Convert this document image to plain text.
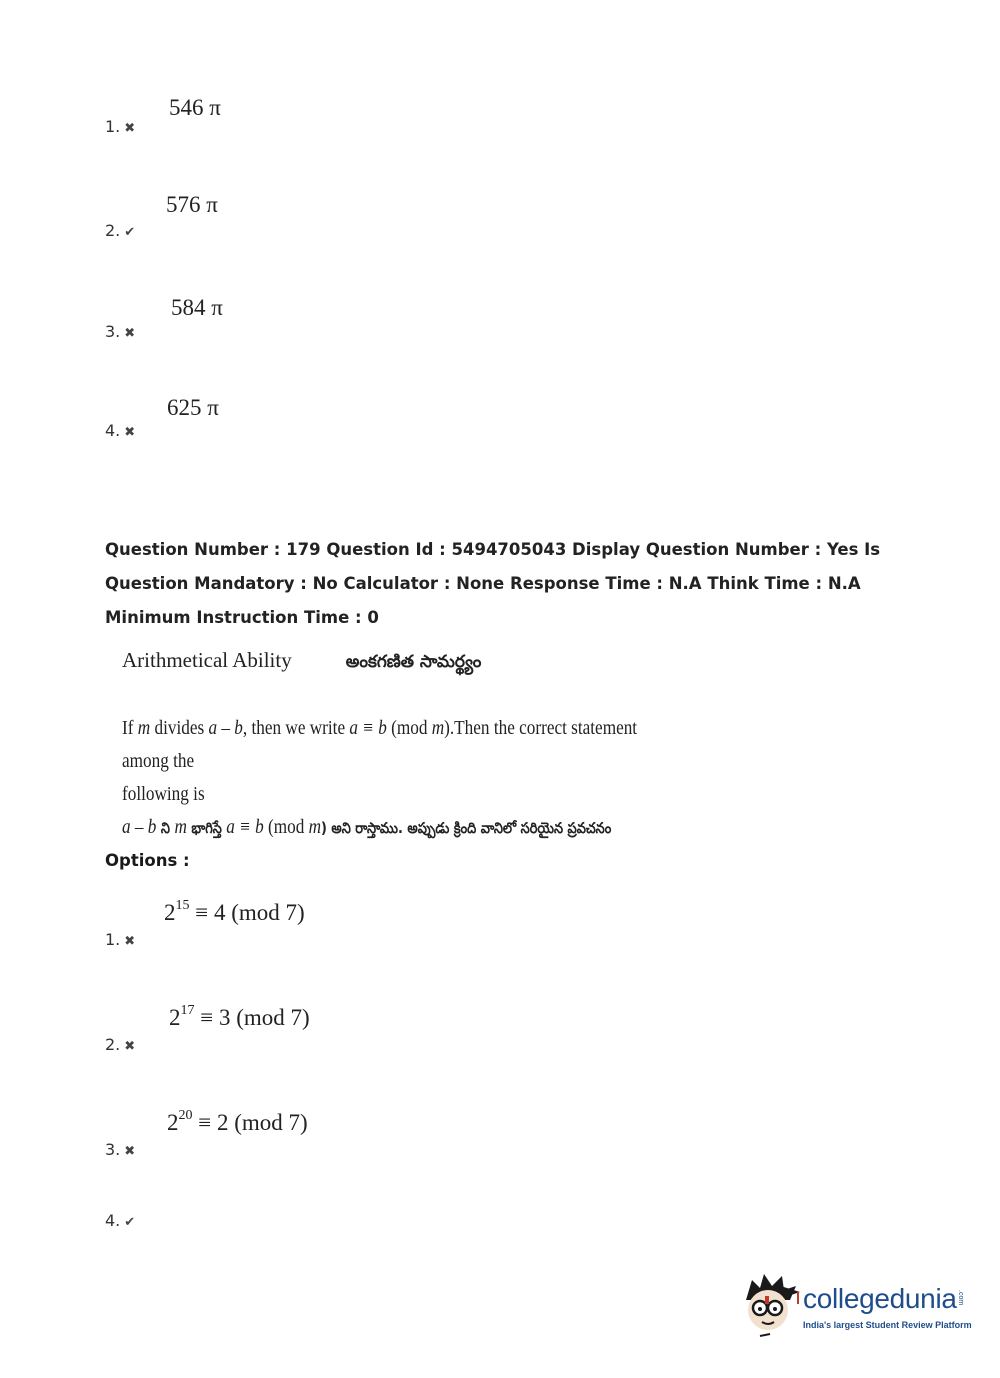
546 π
1. ✖
576 π
2. ✔
584 π
3. ✖
625 π
4. ✖
Question Number : 179 Question Id : 5494705043 Display Question Number : Yes Is Question Mandatory : No Calculator : None Response Time : N.A Think Time : N.A Minimum Instruction Time : 0
Arithmetical Ability	అంకగణిత సామర్థ్యం
If m divides a – b, then we write a ≡ b (mod m).Then the correct statement among the
following is
a – b ని m భాగిస్తే a ≡ b (mod m) అని రాస్తాము. అప్పుడు క్రింది వానిలో సరియైన ప్రవచనం
Options :
$2^{15} \equiv 4$ (mod 7)
1. ✖
$2^{17} \equiv 3$ (mod 7)
2. ✖
$2^{20} \equiv 2$ (mod 7)
3. ✖
4. ✔
collegedunia .com
India's largest Student Review Platform
